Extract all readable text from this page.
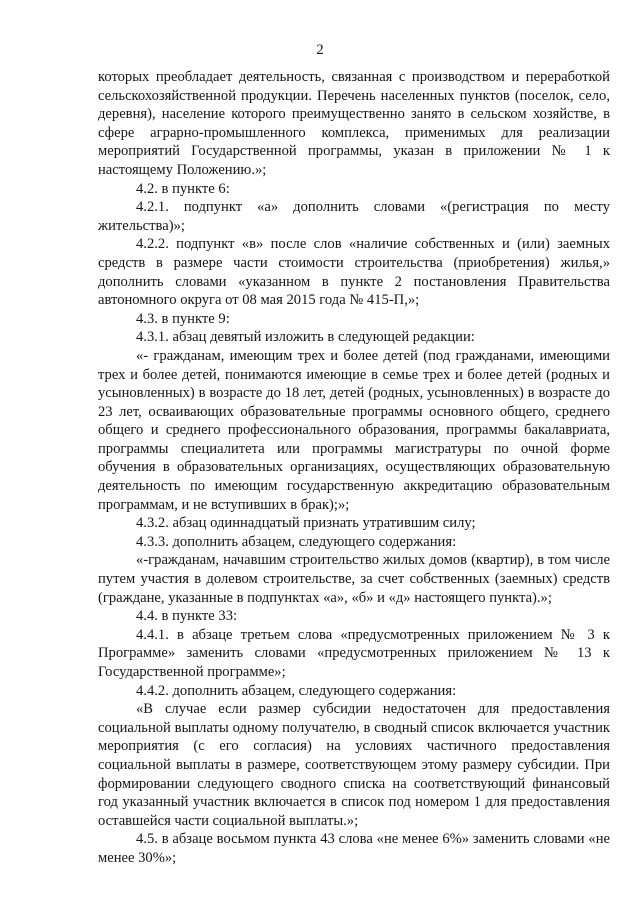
2

которых преобладает деятельность, связанная с производством и переработкой сельскохозяйственной продукции. Перечень населенных пунктов (поселок, село, деревня), население которого преимущественно занято в сельском хозяйстве, в сфере аграрно-промышленного комплекса, применимых для реализации мероприятий Государственной программы, указан в приложении № 1 к настоящему Положению.»;

4.2. в пункте 6:

4.2.1. подпункт «а» дополнить словами «(регистрация по месту жительства)»;

4.2.2. подпункт «в» после слов «наличие собственных и (или) заемных средств в размере части стоимости строительства (приобретения) жилья,» дополнить словами «указанном в пункте 2 постановления Правительства автономного округа от 08 мая 2015 года № 415-П,»;

4.3. в пункте 9:

4.3.1. абзац девятый изложить в следующей редакции:

«- гражданам, имеющим трех и более детей (под гражданами, имеющими трех и более детей, понимаются имеющие в семье трех и более детей (родных и усыновленных) в возрасте до 18 лет, детей (родных, усыновленных) в возрасте до 23 лет, осваивающих образовательные программы основного общего, среднего общего и среднего профессионального образования, программы бакалавриата, программы специалитета или программы магистратуры по очной форме обучения в образовательных организациях, осуществляющих образовательную деятельность по имеющим государственную аккредитацию образовательным программам, и не вступивших в брак);»;

4.3.2. абзац одиннадцатый признать утратившим силу;

4.3.3. дополнить абзацем, следующего содержания:

«-гражданам, начавшим строительство жилых домов (квартир), в том числе путем участия в долевом строительстве, за счет собственных (заемных) средств (граждане, указанные в подпунктах «а», «б» и «д» настоящего пункта).»;

4.4. в пункте 33:

4.4.1. в абзаце третьем слова «предусмотренных приложением № 3 к Программе» заменить словами «предусмотренных приложением № 13 к Государственной программе»;

4.4.2. дополнить абзацем, следующего содержания:

«В случае если размер субсидии недостаточен для предоставления социальной выплаты одному получателю, в сводный список включается участник мероприятия (с его согласия) на условиях частичного предоставления социальной выплаты в размере, соответствующем этому размеру субсидии. При формировании следующего сводного списка на соответствующий финансовый год указанный участник включается в список под номером 1 для предоставления оставшейся части социальной выплаты.»;

4.5. в абзаце восьмом пункта 43 слова «не менее 6%» заменить словами «не менее 30%»;
